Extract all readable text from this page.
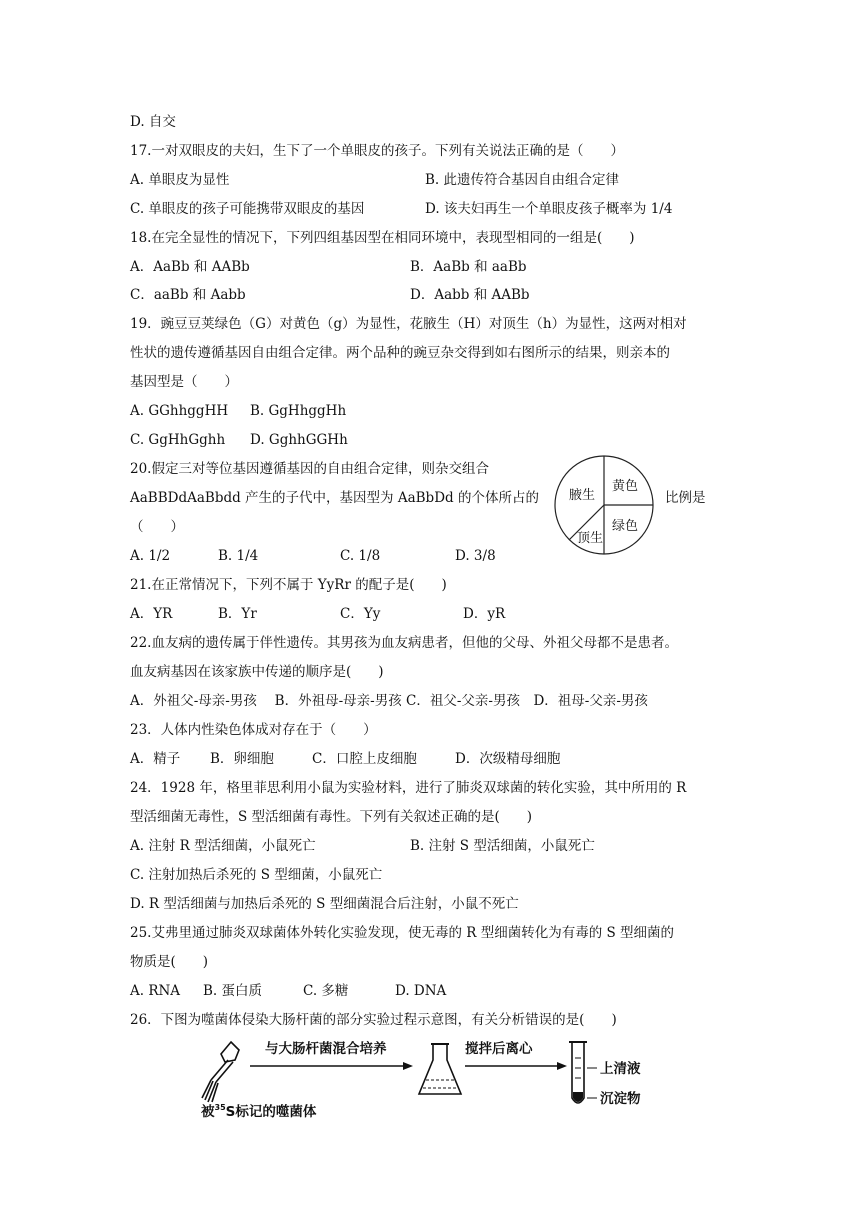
D. 自交
17.一对双眼皮的夫妇，生下了一个单眼皮的孩子。下列有关说法正确的是（　　）
A. 单眼皮为显性	B. 此遗传符合基因自由组合定律
C. 单眼皮的孩子可能携带双眼皮的基因	D. 该夫妇再生一个单眼皮孩子概率为 1/4
18.在完全显性的情况下，下列四组基因型在相同环境中，表现型相同的一组是(　　)
A．AaBb 和 AABb	B．AaBb 和 aaBb
C．aaBb 和 Aabb	D．Aabb 和 AABb
19．豌豆豆荚绿色（G）对黄色（g）为显性，花腋生（H）对顶生（h）为显性，这两对相对
性状的遗传遵循基因自由组合定律。两个品种的豌豆杂交得到如右图所示的结果，则亲本的
基因型是（　　）
A. GGhhggHH B. GgHhggHh
C. GgHhGghh D. GghhGGHh
20.假定三对等位基因遵循基因的自由组合定律，则杂交组合
AaBBDdAaBbdd 产生的子代中，基因型为 AaBbDd 的个体所占的	比例是
（　　）
A. 1/2	B. 1/4	C. 1/8	D. 3/8
腋生
黄色
绿色
顶生
21.在正常情况下，下列不属于 YyRr 的配子是(　　)
A．YR	B．Yr	C．Yy	D．yR
22.血友病的遗传属于伴性遗传。其男孩为血友病患者，但他的父母、外祖父母都不是患者。
血友病基因在该家族中传递的顺序是(　　)
A．外祖父-母亲-男孩　 B．外祖母-母亲-男孩 C．祖父-父亲-男孩　D．祖母-父亲-男孩
23．人体内性染色体成对存在于（　　）
A．精子 B．卵细胞	C．口腔上皮细胞	D．次级精母细胞
24．1928 年，格里菲思利用小鼠为实验材料，进行了肺炎双球菌的转化实验，其中所用的 R
型活细菌无毒性，S 型活细菌有毒性。下列有关叙述正确的是(　　)
A. 注射 R 型活细菌，小鼠死亡	B. 注射 S 型活细菌，小鼠死亡
C. 注射加热后杀死的 S 型细菌，小鼠死亡
D. R 型活细菌与加热后杀死的 S 型细菌混合后注射，小鼠不死亡
25.艾弗里通过肺炎双球菌体外转化实验发现，使无毒的 R 型细菌转化为有毒的 S 型细菌的
物质是(　　)
A. RNA B. 蛋白质	C. 多糖	D. DNA
26．下图为噬菌体侵染大肠杆菌的部分实验过程示意图，有关分析错误的是(　　)
与大肠杆菌混合培养	搅拌后离心
上清液
沉淀物
被$^{35}$S标记的噬菌体
